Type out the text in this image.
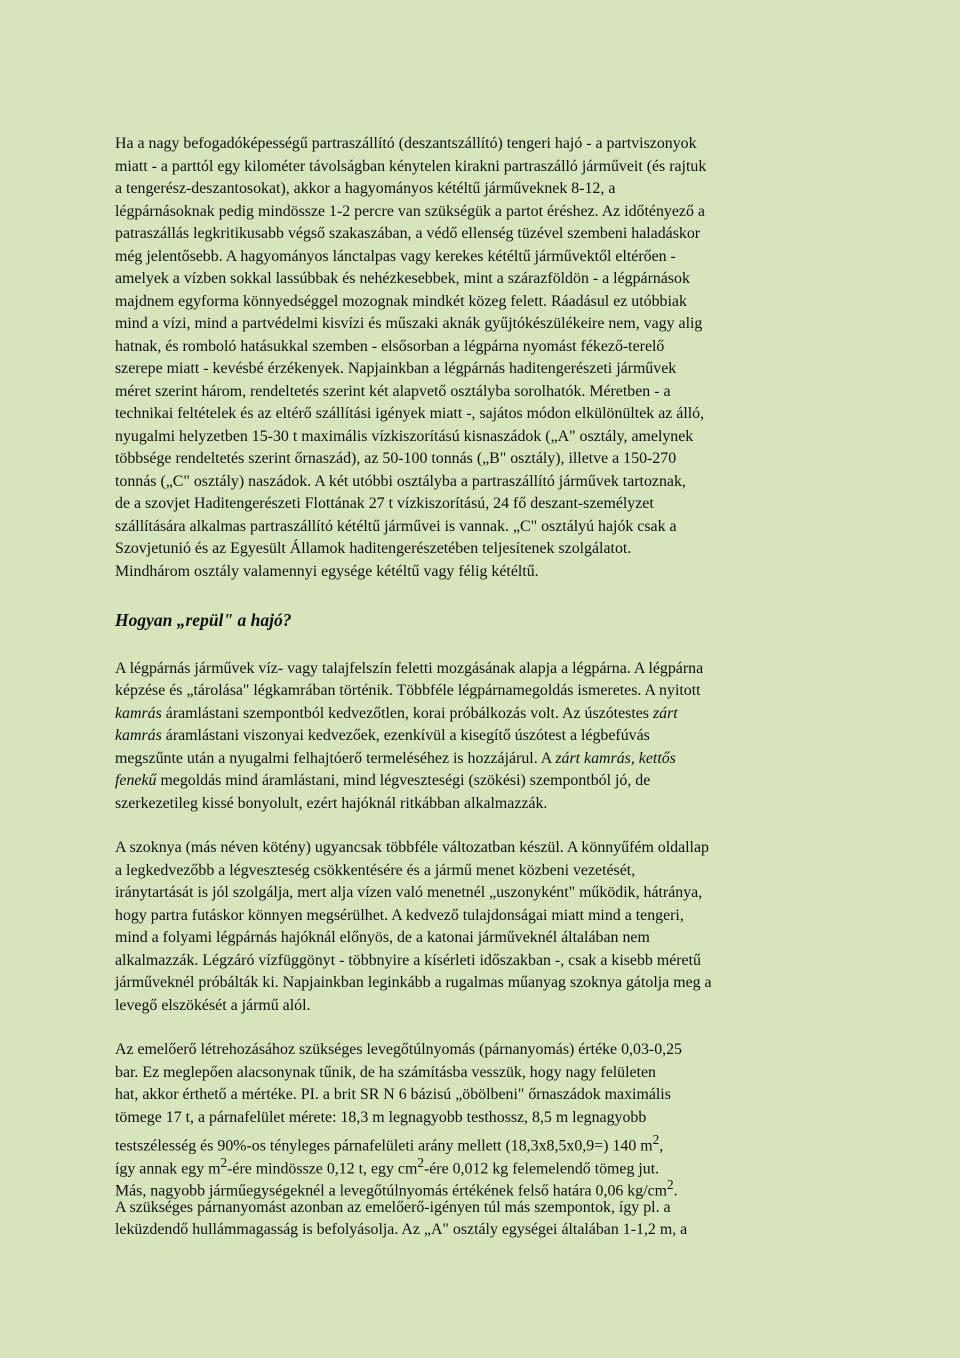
Ha a nagy befogadóképességű partraszállító (deszantszállító) tengeri hajó - a partviszonyok
miatt - a parttól egy kilométer távolságban kénytelen kirakni partraszálló járműveit (és rajtuk
a tengerész-deszantosokat), akkor a hagyományos kétéltű járműveknek 8-12, a
légpárnásoknak pedig mindössze 1-2 percre van szükségük a partot éréshez. Az időtényező a
patraszállás legkritikusabb végső szakaszában, a védő ellenség tüzével szembeni haladáskor
még jelentősebb. A hagyományos lánctalpas vagy kerekes kétéltű járművektől eltérően -
amelyek a vízben sokkal lassúbbak és nehézkesebbek, mint a szárazföldön - a légpárnások
majdnem egyforma könnyedséggel mozognak mindkét közeg felett. Ráadásul ez utóbbiak
mind a vízi, mind a partvédelmi kisvízi és műszaki aknák gyűjtókészülékeire nem, vagy alig
hatnak, és romboló hatásukkal szemben - elsősorban a légpárna nyomást fékező-terelő
szerepe miatt - kevésbé érzékenyek. Napjainkban a légpárnás haditengerészeti járművek
méret szerint három, rendeltetés szerint két alapvető osztályba sorolhatók. Méretben - a
technikai feltételek és az eltérő szállítási igények miatt -, sajátos módon elkülönültek az álló,
nyugalmi helyzetben 15-30 t maximális vízkiszorítású kisnaszádok („A" osztály, amelynek
többsége rendeltetés szerint őrnaszád), az 50-100 tonnás („B" osztály), illetve a 150-270
tonnás („C" osztály) naszádok. A két utóbbi osztályba a partraszállító járművek tartoznak,
de a szovjet Haditengerészeti Flottának 27 t vízkiszorítású, 24 fő deszant-személyzet
szállítására alkalmas partraszállító kétéltű járművei is vannak. „C" osztályú hajók csak a
Szovjetunió és az Egyesült Államok haditengerészetében teljesítenek szolgálatot.
Mindhárom osztály valamennyi egysége kétéltű vagy félig kétéltű.
Hogyan „repül" a hajó?
A légpárnás járművek víz- vagy talajfelszín feletti mozgásának alapja a légpárna. A légpárna
képzése és „tárolása" légkamrában történik. Többféle légpárnamegoldás ismeretes. A nyitott
kamrás áramlástani szempontból kedvezőtlen, korai próbálkozás volt. Az úszótestes zárt
kamrás áramlástani viszonyai kedvezőek, ezenkívül a kisegítő úszótest a légbefúvás
megszűnte után a nyugalmi felhajtóerő termeléséhez is hozzájárul. A zárt kamrás, kettős
fenekű megoldás mind áramlástani, mind légveszteségi (szökési) szempontból jó, de
szerkezetileg kissé bonyolult, ezért hajóknál ritkábban alkalmazzák.
A szoknya (más néven kötény) ugyancsak többféle változatban készül. A könnyűfém oldallap
a legkedvezőbb a légveszteség csökkentésére és a jármű menet közbeni vezetését,
iránytartását is jól szolgálja, mert alja vízen való menetnél „uszonyként" működik, hátránya,
hogy partra futáskor könnyen megsérülhet. A kedvező tulajdonságai miatt mind a tengeri,
mind a folyami légpárnás hajóknál előnyös, de a katonai járműveknél általában nem
alkalmazzák. Légzáró vízfüggönyt - többnyire a kísérleti időszakban -, csak a kisebb méretű
járműveknél próbálták ki. Napjainkban leginkább a rugalmas műanyag szoknya gátolja meg a
levegő elszökését a jármű alól.
Az emelőerő létrehozásához szükséges levegőtúlnyomás (párnanyomás) értéke 0,03-0,25
bar. Ez meglepően alacsonynak tűnik, de ha számításba vesszük, hogy nagy felületen
hat, akkor érthető a mértéke. PI. a brit SR N 6 bázisú „öbölbeni" őrnaszádok maximális
tömege 17 t, a párnafelület mérete: 18,3 m legnagyobb testhossz, 8,5 m legnagyobb
testszélesség és 90%-os tényleges párnafelületi arány mellett (18,3x8,5x0,9=) 140 $m^2$,
így annak egy $m^2$-ére mindössze 0,12 t, egy $cm^2$-ére 0,012 kg felemelendő tömeg jut.
Más, nagyobb járműegységeknél a levegőtúlnyomás értékének felső határa 0,06 $kg/cm^2$.
A szükséges párnanyomást azonban az emelőerő-igényen túl más szempontok, így pl. a
leküzdendő hullámmagasság is befolyásolja. Az „A" osztály egységei általában 1-1,2 m, a
